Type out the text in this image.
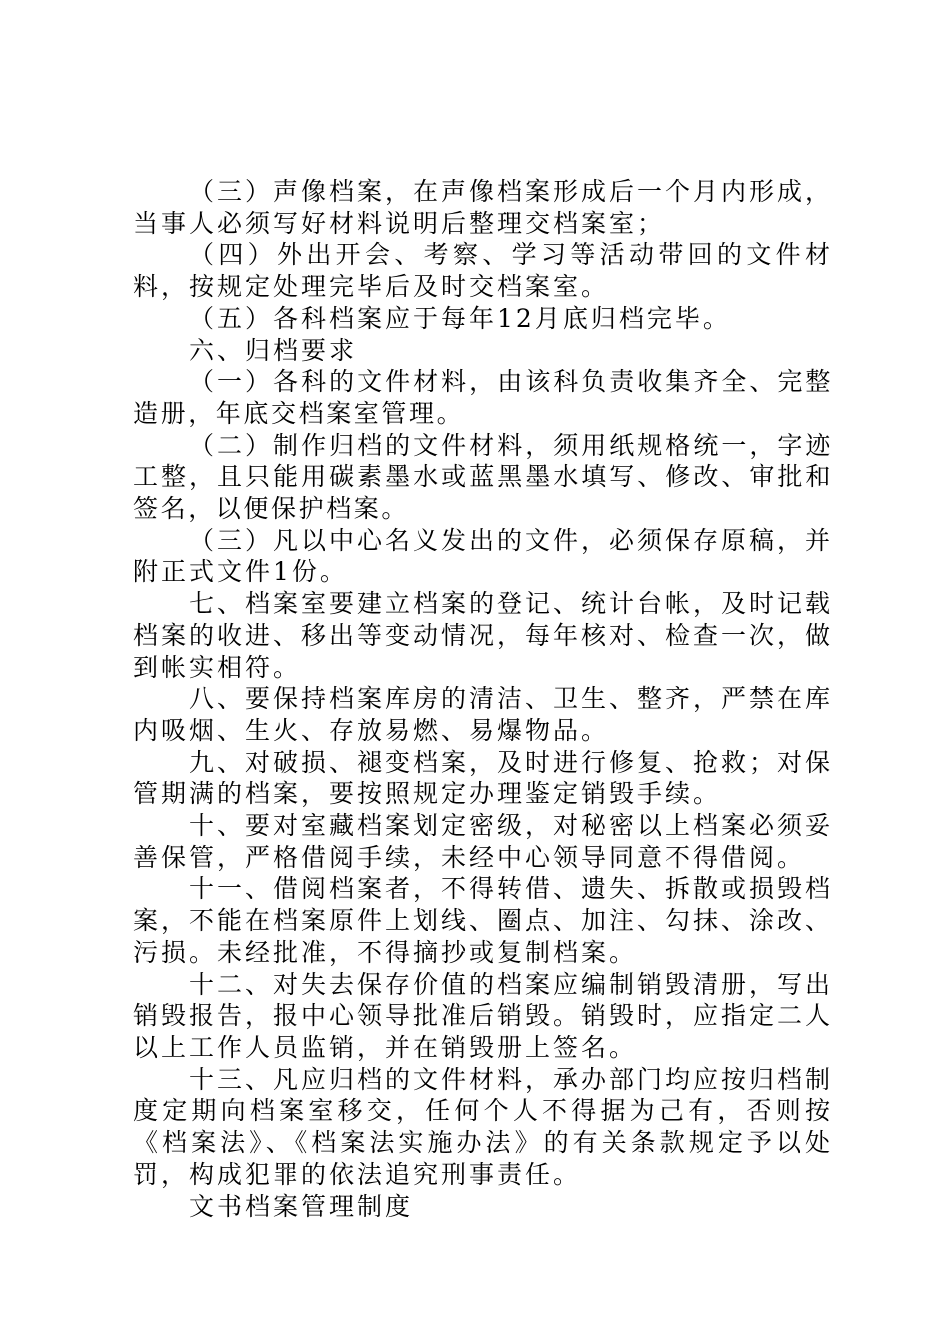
（三）声像档案，在声像档案形成后一个月内形成，当事人必须写好材料说明后整理交档案室；

（四）外出开会、考察、学习等活动带回的文件材料，按规定处理完毕后及时交档案室。

（五）各科档案应于每年12月底归档完毕。

六、归档要求

（一）各科的文件材料，由该科负责收集齐全、完整造册，年底交档案室管理。

（二）制作归档的文件材料，须用纸规格统一，字迹工整，且只能用碳素墨水或蓝黑墨水填写、修改、审批和签名，以便保护档案。

（三）凡以中心名义发出的文件，必须保存原稿，并附正式文件1份。

七、档案室要建立档案的登记、统计台帐，及时记载档案的收进、移出等变动情况，每年核对、检查一次，做到帐实相符。

八、要保持档案库房的清洁、卫生、整齐，严禁在库内吸烟、生火、存放易燃、易爆物品。

九、对破损、褪变档案，及时进行修复、抢救；对保管期满的档案，要按照规定办理鉴定销毁手续。

十、要对室藏档案划定密级，对秘密以上档案必须妥善保管，严格借阅手续，未经中心领导同意不得借阅。

十一、借阅档案者，不得转借、遗失、拆散或损毁档案，不能在档案原件上划线、圈点、加注、勾抹、涂改、污损。未经批准，不得摘抄或复制档案。

十二、对失去保存价值的档案应编制销毁清册，写出销毁报告，报中心领导批准后销毁。销毁时，应指定二人以上工作人员监销，并在销毁册上签名。

十三、凡应归档的文件材料，承办部门均应按归档制度定期向档案室移交，任何个人不得据为己有，否则按《档案法》、《档案法实施办法》的有关条款规定予以处罚，构成犯罪的依法追究刑事责任。

文书档案管理制度
